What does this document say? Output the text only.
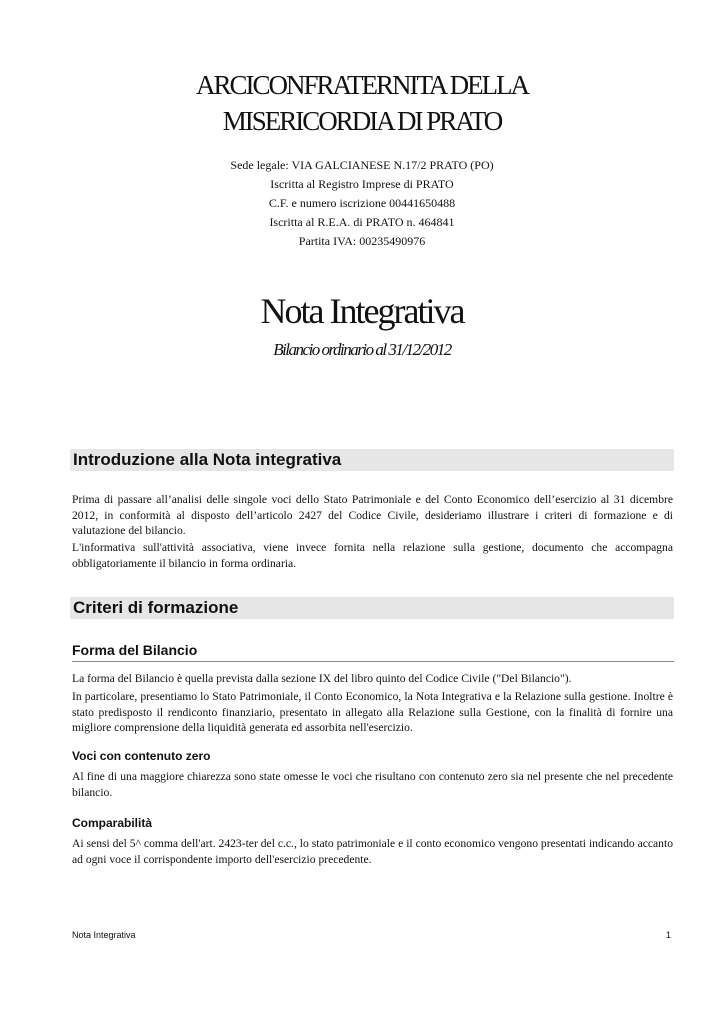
ARCICONFRATERNITA DELLA
MISERICORDIA DI PRATO
Sede legale: VIA GALCIANESE N.17/2 PRATO (PO)
Iscritta al Registro Imprese di PRATO
C.F. e numero iscrizione 00441650488
Iscritta al R.E.A. di PRATO n. 464841
Partita IVA: 00235490976
Nota Integrativa
Bilancio ordinario al 31/12/2012
Introduzione alla Nota integrativa
Prima di passare all’analisi delle singole voci dello Stato Patrimoniale e del Conto Economico dell’esercizio al 31 dicembre 2012, in conformità al disposto dell’articolo 2427 del Codice Civile, desideriamo illustrare i criteri di formazione e di valutazione del bilancio.
L'informativa sull'attività associativa, viene invece fornita nella relazione sulla gestione, documento che accompagna obbligatoriamente il bilancio in forma ordinaria.
Criteri di formazione
Forma del Bilancio
La forma del Bilancio è quella prevista dalla sezione IX del libro quinto del Codice Civile ("Del Bilancio").
In particolare, presentiamo lo Stato Patrimoniale, il Conto Economico, la Nota Integrativa e la Relazione sulla gestione. Inoltre è stato predisposto il rendiconto finanziario, presentato in allegato alla Relazione sulla Gestione, con la finalità di fornire una migliore comprensione della liquidità generata ed assorbita nell'esercizio.
Voci con contenuto zero
Al fine di una maggiore chiarezza sono state omesse le voci che risultano con contenuto zero sia nel presente che nel precedente bilancio.
Comparabilità
Ai sensi del 5^ comma dell'art. 2423-ter del c.c., lo stato patrimoniale e il conto economico vengono presentati indicando accanto ad ogni voce il corrispondente importo dell'esercizio precedente.
Nota Integrativa	1
